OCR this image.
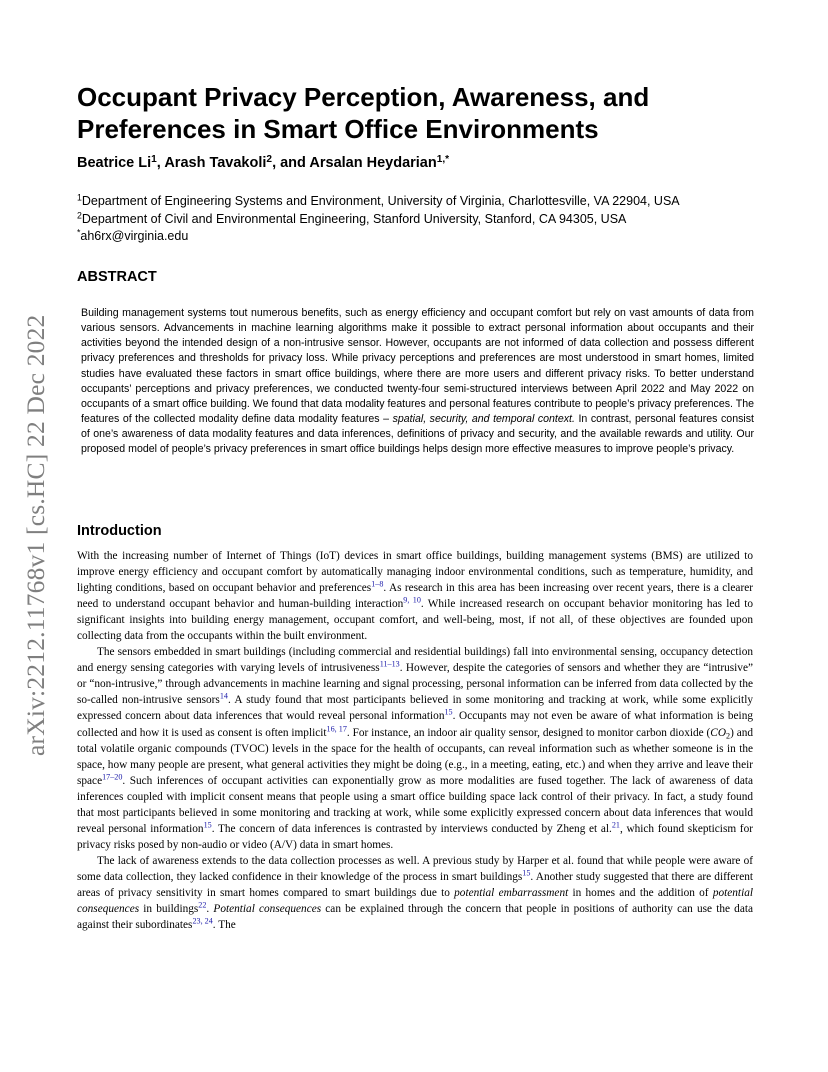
arXiv:2212.11768v1 [cs.HC] 22 Dec 2022
Occupant Privacy Perception, Awareness, and Preferences in Smart Office Environments
Beatrice Li$^1$, Arash Tavakoli$^2$, and Arsalan Heydarian$^{1,*}$
$^1$Department of Engineering Systems and Environment, University of Virginia, Charlottesville, VA 22904, USA
$^2$Department of Civil and Environmental Engineering, Stanford University, Stanford, CA 94305, USA
*ah6rx@virginia.edu
ABSTRACT
Building management systems tout numerous benefits, such as energy efficiency and occupant comfort but rely on vast amounts of data from various sensors. Advancements in machine learning algorithms make it possible to extract personal information about occupants and their activities beyond the intended design of a non-intrusive sensor. However, occupants are not informed of data collection and possess different privacy preferences and thresholds for privacy loss. While privacy perceptions and preferences are most understood in smart homes, limited studies have evaluated these factors in smart office buildings, where there are more users and different privacy risks. To better understand occupants’ perceptions and privacy preferences, we conducted twenty-four semi-structured interviews between April 2022 and May 2022 on occupants of a smart office building. We found that data modality features and personal features contribute to people’s privacy preferences. The features of the collected modality define data modality features – spatial, security, and temporal context. In contrast, personal features consist of one’s awareness of data modality features and data inferences, definitions of privacy and security, and the available rewards and utility. Our proposed model of people’s privacy preferences in smart office buildings helps design more effective measures to improve people’s privacy.
Introduction

With the increasing number of Internet of Things (IoT) devices in smart office buildings, building management systems (BMS) are utilized to improve energy efficiency and occupant comfort by automatically managing indoor environmental conditions, such as temperature, humidity, and lighting conditions, based on occupant behavior and preferences$^{1-8}$. As research in this area has been increasing over recent years, there is a clearer need to understand occupant behavior and human-building interaction$^{9, 10}$. While increased research on occupant behavior monitoring has led to significant insights into building energy management, occupant comfort, and well-being, most, if not all, of these objectives are founded upon collecting data from the occupants within the built environment.

The sensors embedded in smart buildings (including commercial and residential buildings) fall into environmental sensing, occupancy detection and energy sensing categories with varying levels of intrusiveness$^{11-13}$. However, despite the categories of sensors and whether they are “intrusive” or “non-intrusive,” through advancements in machine learning and signal processing, personal information can be inferred from data collected by the so-called non-intrusive sensors$^{14}$. A study found that most participants believed in some monitoring and tracking at work, while some explicitly expressed concern about data inferences that would reveal personal information$^{15}$. Occupants may not even be aware of what information is being collected and how it is used as consent is often implicit$^{16, 17}$. For instance, an indoor air quality sensor, designed to monitor carbon dioxide $(CO_2)$ and total volatile organic compounds (TVOC) levels in the space for the health of occupants, can reveal information such as whether someone is in the space, how many people are present, what general activities they might be doing (e.g., in a meeting, eating, etc.) and when they arrive and leave their space$^{17-20}$. Such inferences of occupant activities can exponentially grow as more modalities are fused together. The lack of awareness of data inferences coupled with implicit consent means that people using a smart office building space lack control of their privacy. In fact, a study found that most participants believed in some monitoring and tracking at work, while some explicitly expressed concern about data inferences that would reveal personal information$^{15}$. The concern of data inferences is contrasted by interviews conducted by Zheng et al.$^{21}$, which found skepticism for privacy risks posed by non-audio or video (A/V) data in smart homes.

The lack of awareness extends to the data collection processes as well. A previous study by Harper et al. found that while people were aware of some data collection, they lacked confidence in their knowledge of the process in smart buildings$^{15}$. Another study suggested that there are different areas of privacy sensitivity in smart homes compared to smart buildings due to potential embarrassment in homes and the addition of potential consequences in buildings$^{22}$. Potential consequences can be explained through the concern that people in positions of authority can use the data against their subordinates$^{23, 24}$. The
